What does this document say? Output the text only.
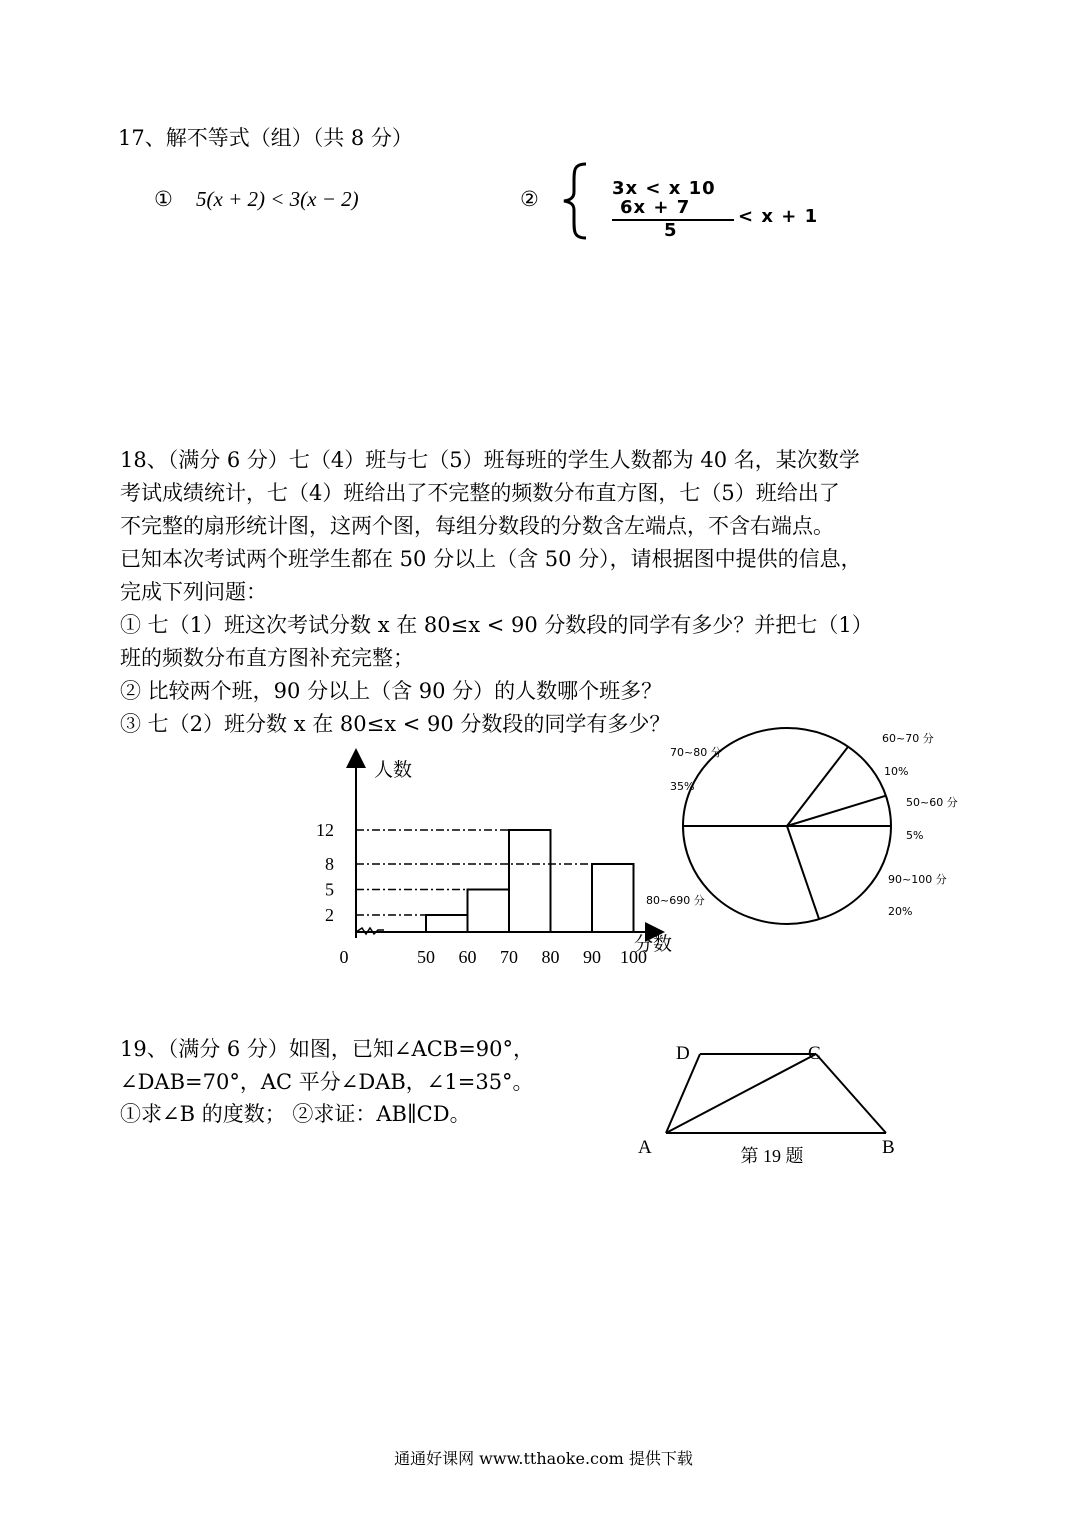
17、解不等式（组）（共 8 分）
① 5(x + 2) < 3(x − 2)	②	3x < x 10
6x + 7
5
< x + 1
18、（满分 6 分）七（4）班与七（5）班每班的学生人数都为 40 名，某次数学
考试成绩统计，七（4）班给出了不完整的频数分布直方图，七（5）班给出了
不完整的扇形统计图，这两个图，每组分数段的分数含左端点，不含右端点。
已知本次考试两个班学生都在 50 分以上（含 50 分），请根据图中提供的信息，
完成下列问题：
① 七（1）班这次考试分数 x 在 80≤x < 90 分数段的同学有多少？并把七（1）
班的频数分布直方图补充完整；
② 比较两个班，90 分以上（含 90 分）的人数哪个班多？
③ 七（2）班分数 x 在 80≤x < 90 分数段的同学有多少？
人数
分数
0
2
5
8
12
50 60 70 80 90 100
70~80 分
35%
60~70 分
10%
50~60 分
5%
90~100 分
20%
80~690 分
19、（满分 6 分）如图，已知∠ACB=90°，
∠DAB=70°，AC 平分∠DAB，∠1=35°。
①求∠B 的度数； ②求证：AB∥CD。
D	C
A	B
第 19 题
通通好课网 www.tthaoke.com 提供下载
